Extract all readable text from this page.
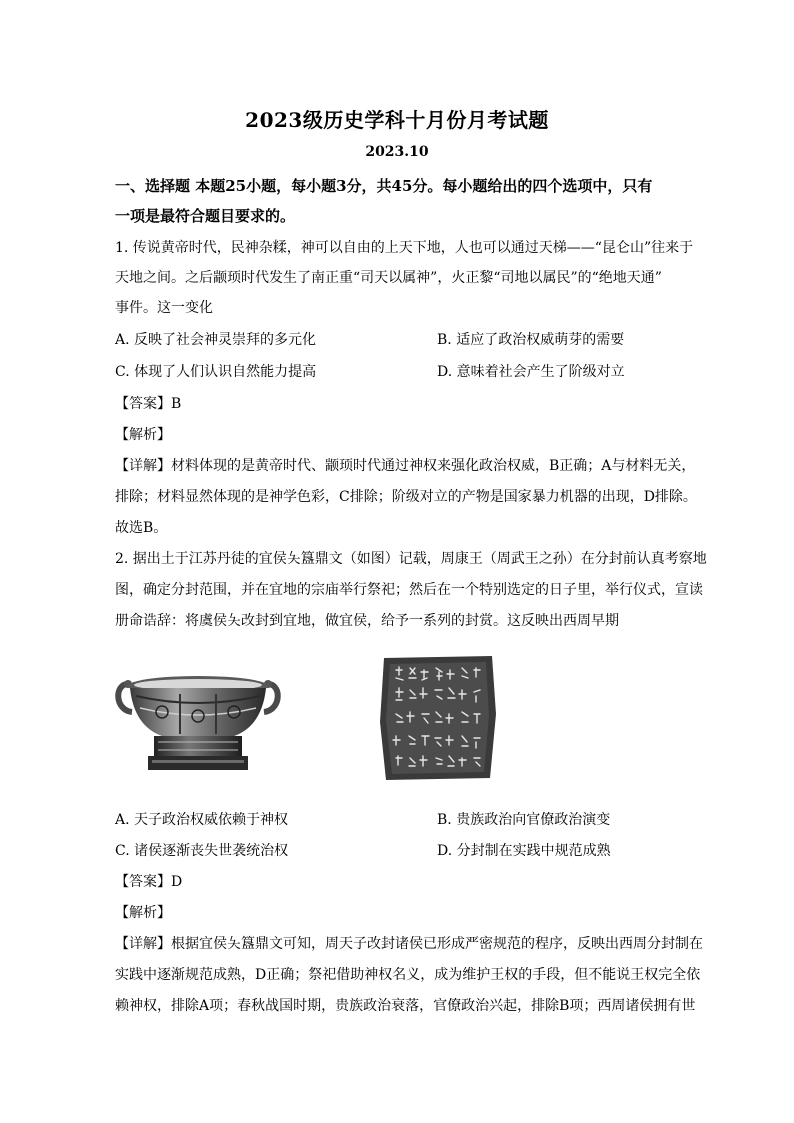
2023级历史学科十月份月考试题
2023.10
一、选择题 本题25小题，每小题3分，共45分。每小题给出的四个选项中，只有
一项是最符合题目要求的。
1. 传说黄帝时代，民神杂糅，神可以自由的上天下地，人也可以通过天梯——“昆仑山”往来于
天地之间。之后颛顼时代发生了南正重“司天以属神”，火正黎“司地以属民”的“绝地天通”
事件。这一变化
A. 反映了社会神灵崇拜的多元化	B. 适应了政治权威萌芽的需要
C. 体现了人们认识自然能力提高	D. 意味着社会产生了阶级对立
【答案】B
【解析】
【详解】材料体现的是黄帝时代、颛顼时代通过神权来强化政治权威，B正确；A与材料无关，
排除；材料显然体现的是神学色彩，C排除；阶级对立的产物是国家暴力机器的出现，D排除。
故选B。
2. 据出土于江苏丹徒的宜侯夨簋鼎文（如图）记载，周康王（周武王之孙）在分封前认真考察地
图，确定分封范围，并在宜地的宗庙举行祭祀；然后在一个特别选定的日子里，举行仪式，宣读
册命诰辞：将虞侯夨改封到宜地，做宜侯，给予一系列的封赏。这反映出西周早期
A. 天子政治权威依赖于神权	B. 贵族政治向官僚政治演变
C. 诸侯逐渐丧失世袭统治权	D. 分封制在实践中规范成熟
【答案】D
【解析】
【详解】根据宜侯夨簋鼎文可知，周天子改封诸侯已形成严密规范的程序，反映出西周分封制在
实践中逐渐规范成熟，D正确；祭祀借助神权名义，成为维护王权的手段，但不能说王权完全依
赖神权，排除A项；春秋战国时期，贵族政治衰落，官僚政治兴起，排除B项；西周诸侯拥有世
